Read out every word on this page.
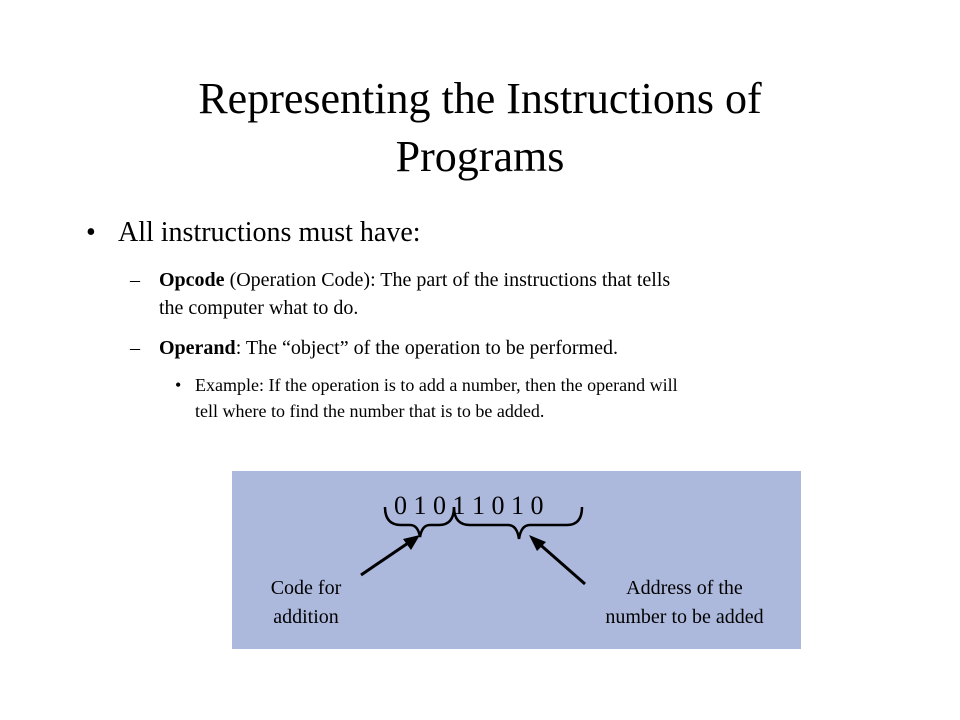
Representing the Instructions of
Programs
• All instructions must have:
– Opcode (Operation Code): The part of the instructions that tells
the computer what to do.
– Operand: The “object” of the operation to be performed.
• Example: If the operation is to add a number, then the operand will
tell where to find the number that is to be added.
0 1 0 1 1 0 1 0
Code for
addition
Address of the
number to be added
